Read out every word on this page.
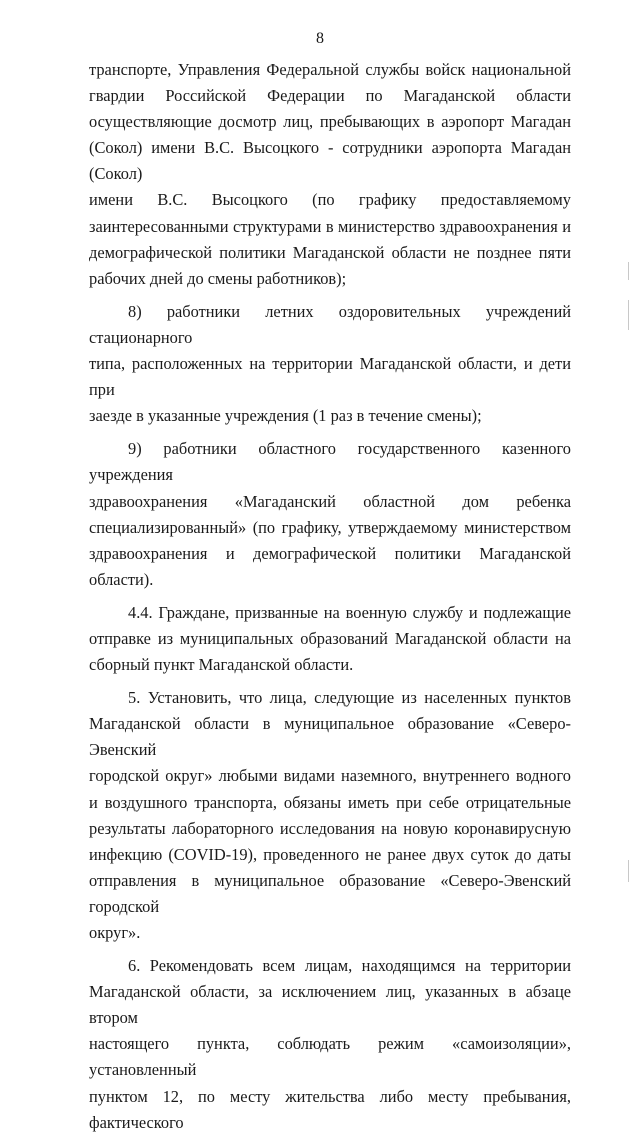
8
транспорте, Управления Федеральной службы войск национальной
гвардии Российской Федерации по Магаданской области
осуществляющие досмотр лиц, пребывающих в аэропорт Магадан
(Сокол) имени В.С. Высоцкого - сотрудники аэропорта Магадан (Сокол)
имени В.С. Высоцкого (по графику предоставляемому
заинтересованными структурами в министерство здравоохранения и
демографической политики Магаданской области не позднее пяти
рабочих дней до смены работников);
8) работники летних оздоровительных учреждений стационарного
типа, расположенных на территории Магаданской области, и дети при
заезде в указанные учреждения (1 раз в течение смены);
9) работники областного государственного казенного учреждения
здравоохранения «Магаданский областной дом ребенка
специализированный» (по графику, утверждаемому министерством
здравоохранения и демографической политики Магаданской области).
4.4. Граждане, призванные на военную службу и подлежащие
отправке из муниципальных образований Магаданской области на
сборный пункт Магаданской области.
5. Установить, что лица, следующие из населенных пунктов
Магаданской области в муниципальное образование «Северо-Эвенский
городской округ» любыми видами наземного, внутреннего водного
и воздушного транспорта, обязаны иметь при себе отрицательные
результаты лабораторного исследования на новую коронавирусную
инфекцию (COVID-19), проведенного не ранее двух суток до даты
отправления в муниципальное образование «Северо-Эвенский городской
округ».
6. Рекомендовать всем лицам, находящимся на территории
Магаданской области, за исключением лиц, указанных в абзаце втором
настоящего пункта, соблюдать режим «самоизоляции», установленный
пунктом 12, по месту жительства либо месту пребывания, фактического
